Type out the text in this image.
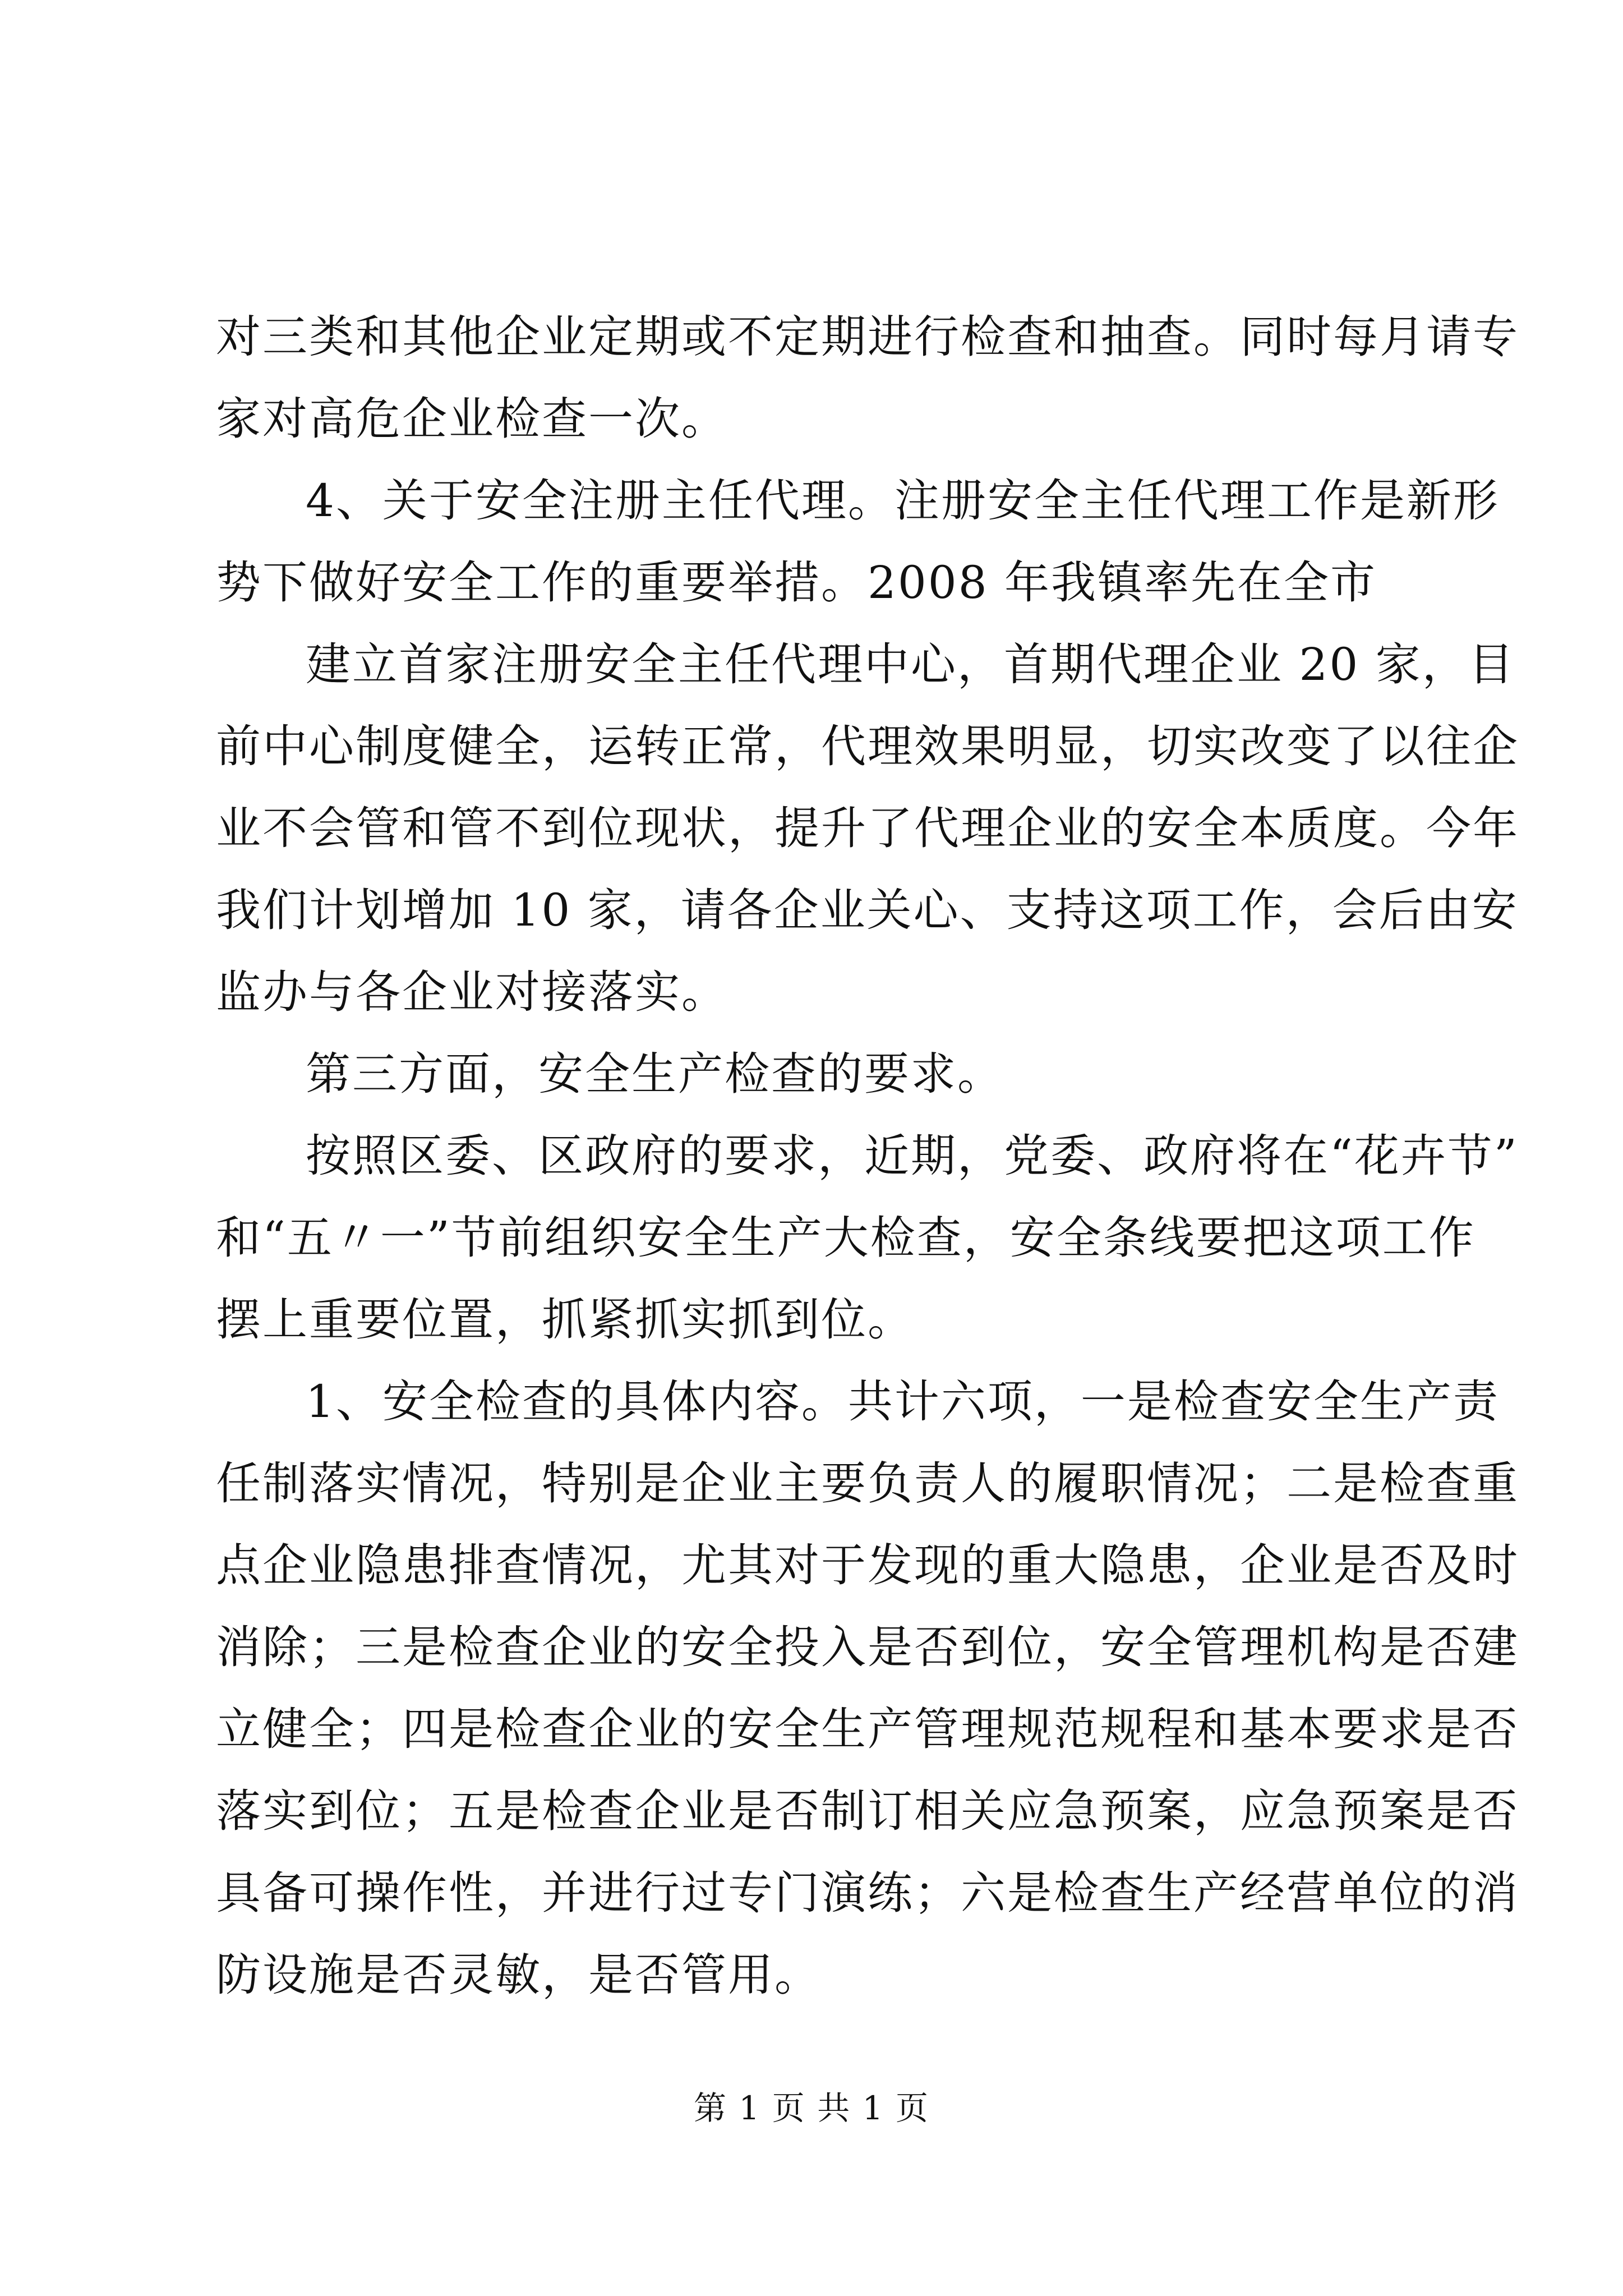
对三类和其他企业定期或不定期进行检查和抽查。同时每月请专
家对高危企业检查一次。
4、关于安全注册主任代理。注册安全主任代理工作是新形
势下做好安全工作的重要举措。2008 年我镇率先在全市
建立首家注册安全主任代理中心，首期代理企业 20 家，目
前中心制度健全，运转正常，代理效果明显，切实改变了以往企
业不会管和管不到位现状，提升了代理企业的安全本质度。今年
我们计划增加 10 家，请各企业关心、支持这项工作，会后由安
监办与各企业对接落实。
第三方面，安全生产检查的要求。
按照区委、区政府的要求，近期，党委、政府将在“花卉节”
和“五〃一”节前组织安全生产大检查，安全条线要把这项工作
摆上重要位置，抓紧抓实抓到位。
1、安全检查的具体内容。共计六项，一是检查安全生产责
任制落实情况，特别是企业主要负责人的履职情况；二是检查重
点企业隐患排查情况，尤其对于发现的重大隐患，企业是否及时
消除；三是检查企业的安全投入是否到位，安全管理机构是否建
立健全；四是检查企业的安全生产管理规范规程和基本要求是否
落实到位；五是检查企业是否制订相关应急预案，应急预案是否
具备可操作性，并进行过专门演练；六是检查生产经营单位的消
防设施是否灵敏，是否管用。
第 1 页 共 1 页
